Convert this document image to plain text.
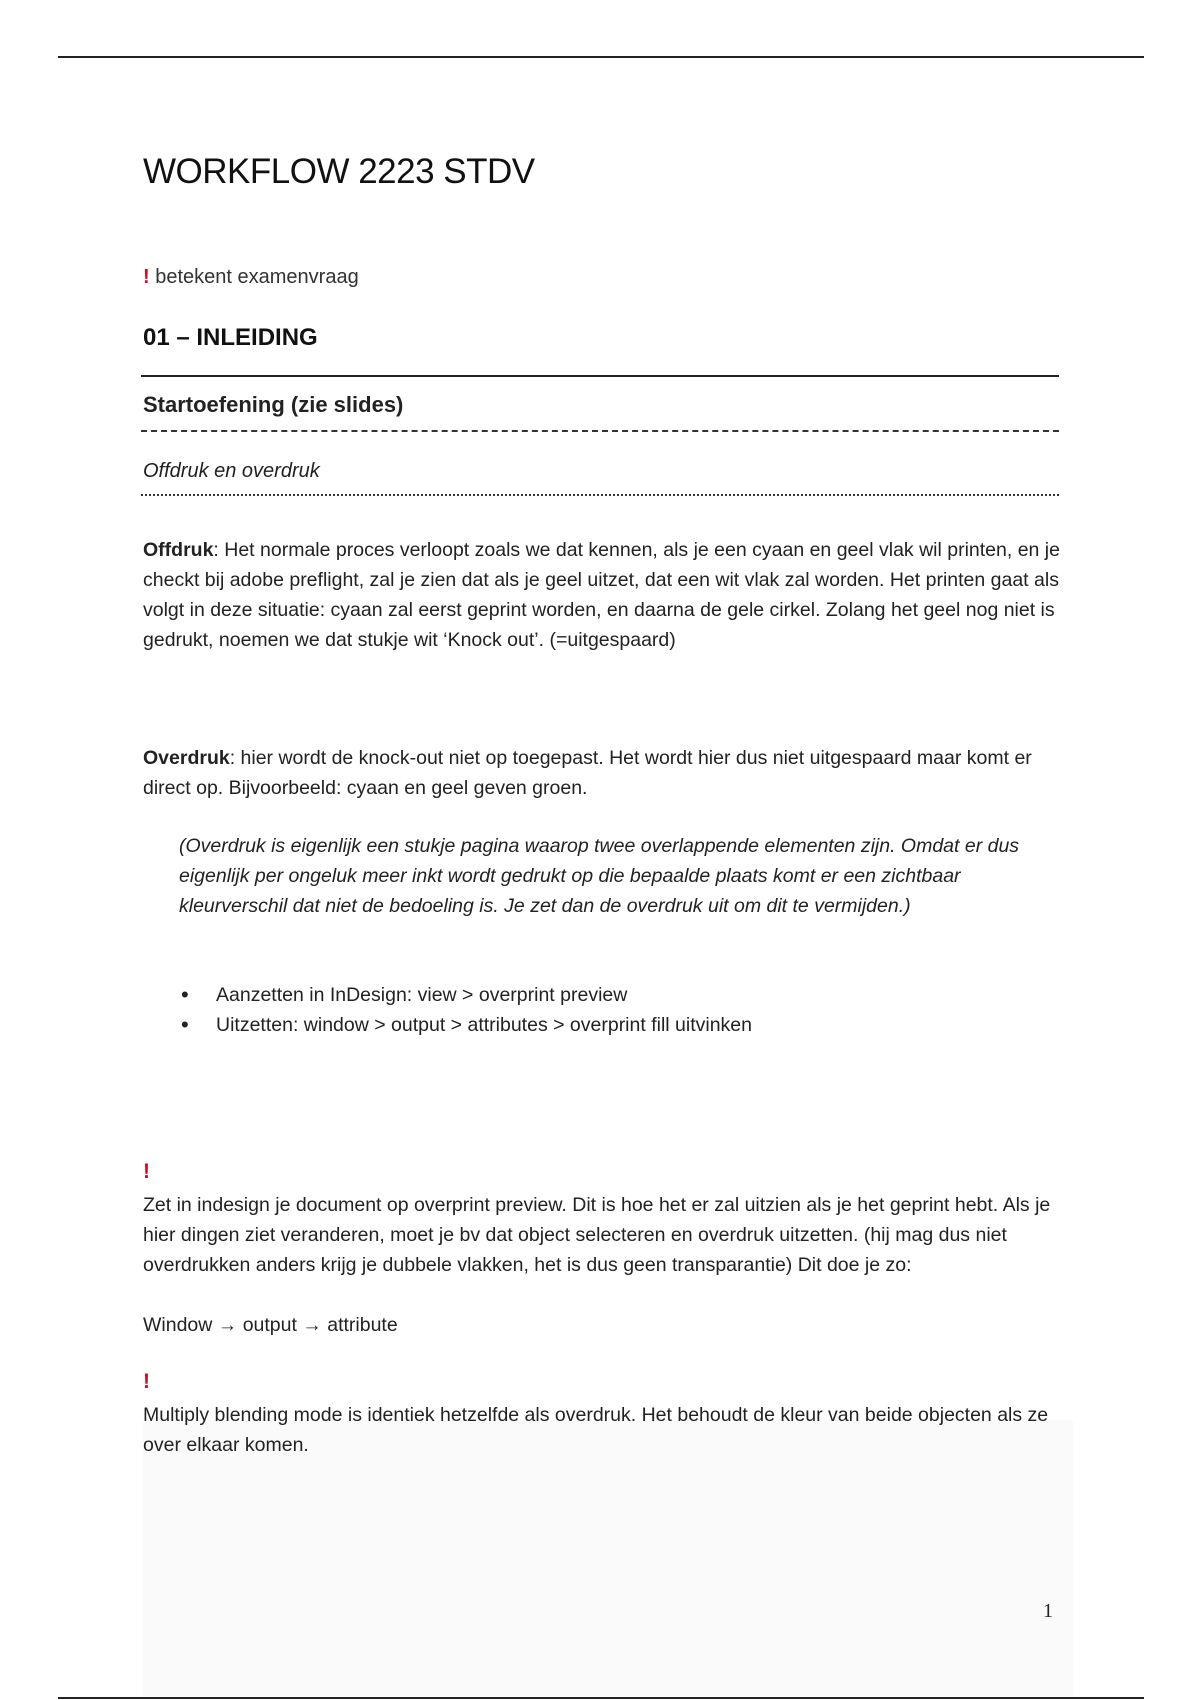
WORKFLOW 2223 STDV
! betekent examenvraag
01 – INLEIDING
Startoefening (zie slides)
Offdruk en overdruk

Offdruk: Het normale proces verloopt zoals we dat kennen, als je een cyaan en geel vlak wil printen, en je checkt bij adobe preflight, zal je zien dat als je geel uitzet, dat een wit vlak zal worden. Het printen gaat als volgt in deze situatie: cyaan zal eerst geprint worden, en daarna de gele cirkel. Zolang het geel nog niet is gedrukt, noemen we dat stukje wit ‘Knock out’. (=uitgespaard)

Overdruk: hier wordt de knock-out niet op toegepast. Het wordt hier dus niet uitgespaard maar komt er direct op. Bijvoorbeeld: cyaan en geel geven groen.

(Overdruk is eigenlijk een stukje pagina waarop twee overlappende elementen zijn. Omdat er dus eigenlijk per ongeluk meer inkt wordt gedrukt op die bepaalde plaats komt er een zichtbaar kleurverschil dat niet de bedoeling is. Je zet dan de overdruk uit om dit te vermijden.)

• Aanzetten in InDesign: view > overprint preview
• Uitzetten: window > output > attributes > overprint fill uitvinken
!

Zet in indesign je document op overprint preview. Dit is hoe het er zal uitzien als je het geprint hebt. Als je hier dingen ziet veranderen, moet je bv dat object selecteren en overdruk uitzetten. (hij mag dus niet overdrukken anders krijg je dubbele vlakken, het is dus geen transparantie) Dit doe je zo:

Window → output → attribute

!

Multiply blending mode is identiek hetzelfde als overdruk. Het behoudt de kleur van beide objecten als ze over elkaar komen.

1
